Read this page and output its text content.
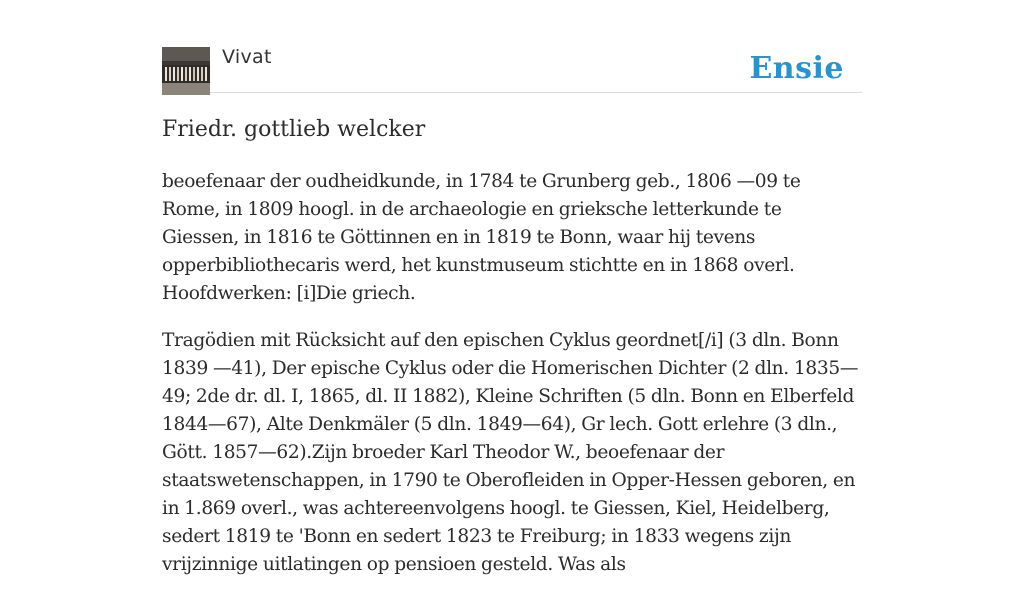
Vivat	Ensie
Friedr. gottlieb welcker

beoefenaar der oudheidkunde, in 1784 te Grunberg geb., 1806 —09 te Rome, in 1809 hoogl. in de archaeologie en grieksche letterkunde te Giessen, in 1816 te Göttinnen en in 1819 te Bonn, waar hij tevens opperbibliothecaris werd, het kunstmuseum stichtte en in 1868 overl. Hoofdwerken: [i]Die griech.

Tragödien mit Rücksicht auf den epischen Cyklus geordnet[/i] (3 dln. Bonn 1839 —41), Der epische Cyklus oder die Homerischen Dichter (2 dln. 1835—49; 2de dr. dl. I, 1865, dl. II 1882), Kleine Schriften (5 dln. Bonn en Elberfeld 1844—67), Alte Denkmäler (5 dln. 1849—64), Gr lech. Gott erlehre (3 dln., Gött. 1857—62).Zijn broeder Karl Theodor W., beoefenaar der staatswetenschappen, in 1790 te Oberofleiden in Opper-Hessen geboren, en in 1.869 overl., was achtereenvolgens hoogl. te Giessen, Kiel, Heidelberg, sedert 1819 te 'Bonn en sedert 1823 te Freiburg; in 1833 wegens zijn vrijzinnige uitlatingen op pensioen gesteld. Was als
